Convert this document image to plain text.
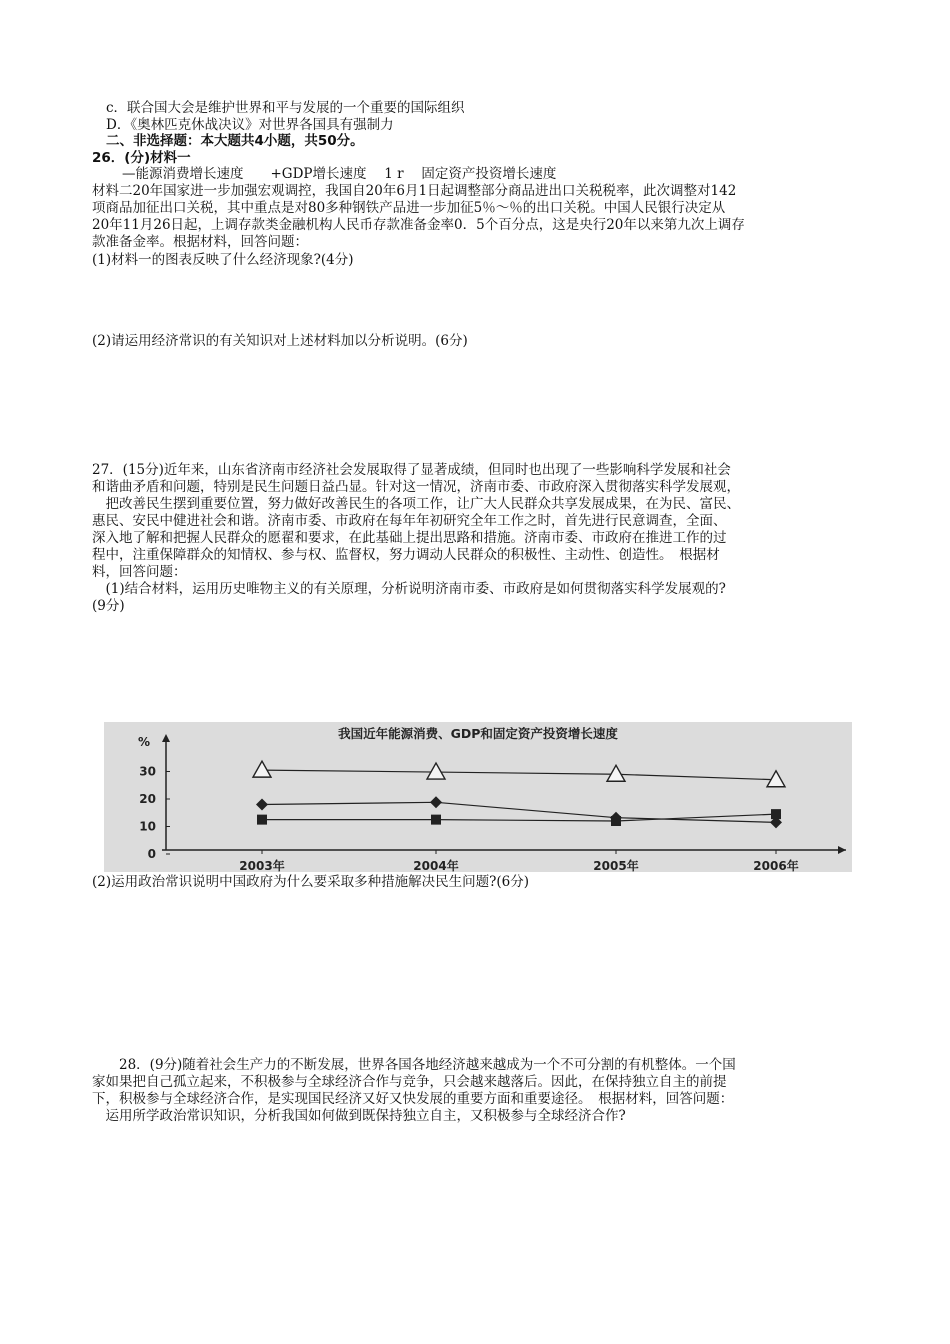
c．联合国大会是维护世界和平与发展的一个重要的国际组织
D．《奥林匹克休战决议》对世界各国具有强制力
二、非选择题：本大题共4小题，共50分。
26．(分)材料一
—能源消费增长速度　　+GDP增长速度　 1 r　 固定资产投资增长速度
材料二20年国家进一步加强宏观调控，我国自20年6月1日起调整部分商品进出口关税税率，此次调整对142
项商品加征出口关税，其中重点是对80多种钢铁产品进一步加征5％～％的出口关税。中国人民银行决定从
20年11月26日起，上调存款类金融机构人民币存款准备金率0．5个百分点，这是央行20年以来第九次上调存
款准备金率。根据材料，回答问题：
(1)材料一的图表反映了什么经济现象?(4分)
(2)请运用经济常识的有关知识对上述材料加以分析说明。(6分)
27．(15分)近年来，山东省济南市经济社会发展取得了显著成绩，但同时也出现了一些影响科学发展和社会
和谐曲矛盾和问题，特别是民生问题日益凸显。针对这一情况，济南市委、市政府深入贯彻落实科学发展观，
　把改善民生摆到重要位置，努力做好改善民生的各项工作，让广大人民群众共享发展成果，在为民、富民、
惠民、安民中健进社会和谐。济南市委、市政府在每年年初研究全年工作之时，首先进行民意调查，全面、
深入地了解和把握人民群众的愿翟和要求，在此基础上提出思路和措施。济南市委、市政府在推进工作的过
程中，注重保障群众的知情权、参与权、监督权，努力调动人民群众的积极性、主动性、创造性。　根据材
料，回答问题：
　(1)结合材料，运用历史唯物主义的有关原理，分析说明济南市委、市政府是如何贯彻落实科学发展观的?
(9分)
我国近年能源消费、GDP和固定资产投资增长速度
%
0
10
20
30
2003年	2004年	2005年	2006年
(2)运用政治常识说明中国政府为什么要采取多种措施解决民生问题?(6分)
　　28．(9分)随着社会生产力的不断发展，世界各国各地经济越来越成为一个不可分割的有机整体。一个国
家如果把自己孤立起来，不积极参与全球经济合作与竞争，只会越来越落后。因此，在保持独立自主的前提
下，积极参与全球经济合作，是实现国民经济又好又快发展的重要方面和重要途径。　根据材料，回答问题：
　运用所学政治常识知识，分析我国如何做到既保持独立自主，又积极参与全球经济合作?
